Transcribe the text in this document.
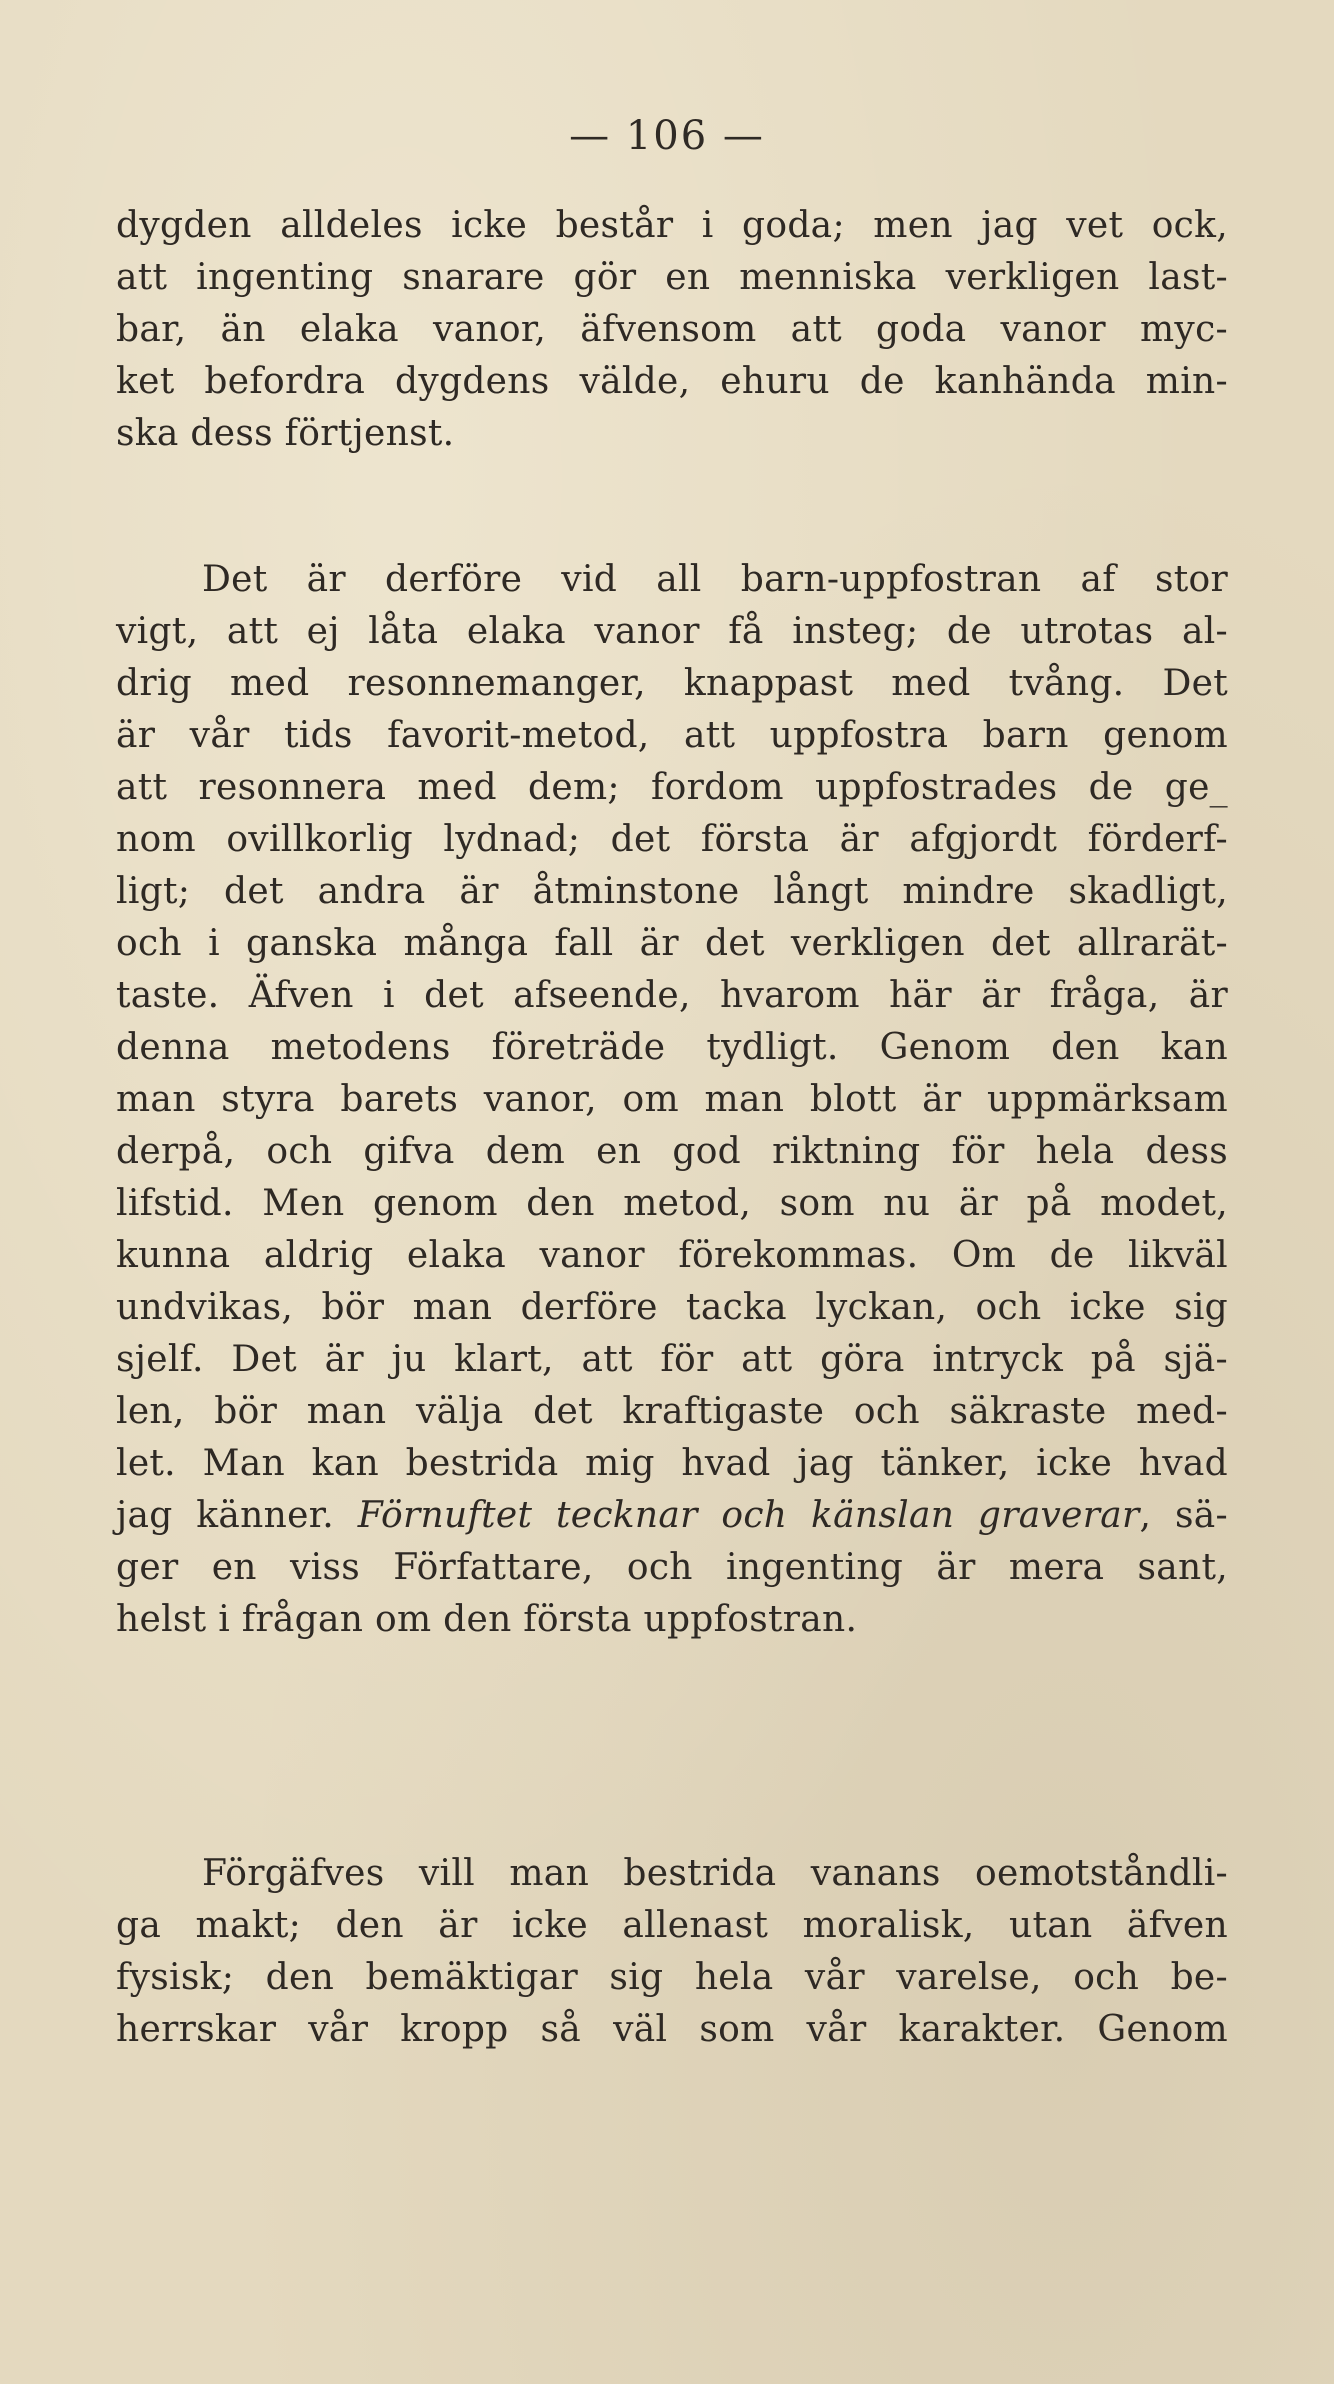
— 106 —
dygden alldeles icke består i goda; men jag vet ock,
att ingenting snarare gör en menniska verkligen last-
bar, än elaka vanor, äfvensom att goda vanor myc-
ket befordra dygdens välde, ehuru de kanhända min-
ska dess förtjenst.
Det är derföre vid all barn-uppfostran af stor
vigt, att ej låta elaka vanor få insteg; de utrotas al-
drig med resonnemanger, knappast med tvång. Det
är vår tids favorit-metod, att uppfostra barn genom
att resonnera med dem; fordom uppfostrades de ge_
nom ovillkorlig lydnad; det första är afgjordt förderf-
ligt; det andra är åtminstone långt mindre skadligt,
och i ganska många fall är det verkligen det allrarät-
taste. Äfven i det afseende, hvarom här är fråga, är
denna metodens företräde tydligt. Genom den kan
man styra barets vanor, om man blott är uppmärksam
derpå, och gifva dem en god riktning för hela dess
lifstid. Men genom den metod, som nu är på modet,
kunna aldrig elaka vanor förekommas. Om de likväl
undvikas, bör man derföre tacka lyckan, och icke sig
sjelf. Det är ju klart, att för att göra intryck på sjä-
len, bör man välja det kraftigaste och säkraste med-
let. Man kan bestrida mig hvad jag tänker, icke hvad
jag känner. Förnuftet tecknar och känslan graverar, sä-
ger en viss Författare, och ingenting är mera sant,
helst i frågan om den första uppfostran.
Förgäfves vill man bestrida vanans oemotståndli-
ga makt; den är icke allenast moralisk, utan äfven
fysisk; den bemäktigar sig hela vår varelse, och be-
herrskar vår kropp så väl som vår karakter. Genom
